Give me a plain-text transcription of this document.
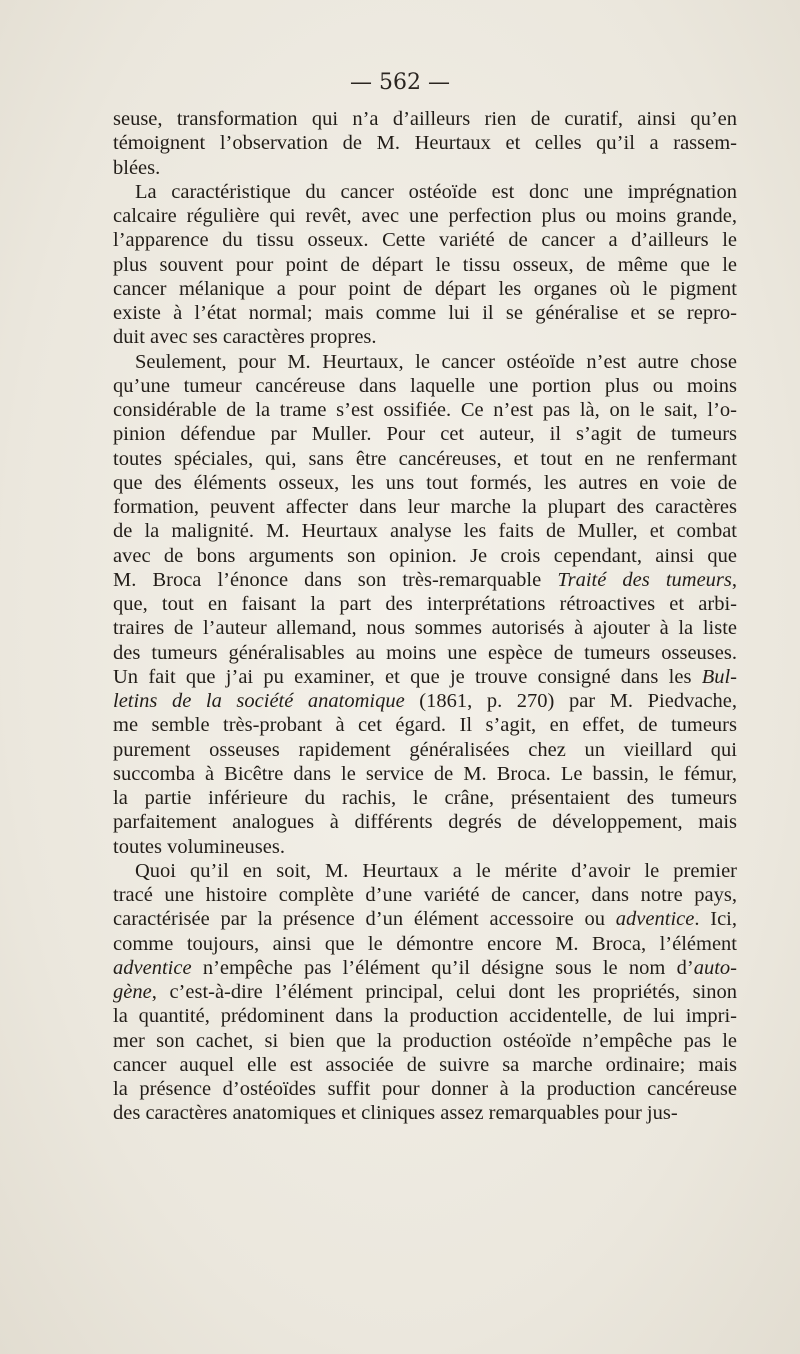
— 562 —
seuse, transformation qui n’a d’ailleurs rien de curatif, ainsi qu’en
témoignent l’observation de M. Heurtaux et celles qu’il a rassem-
blées.
La caractéristique du cancer ostéoïde est donc une imprégnation
calcaire régulière qui revêt, avec une perfection plus ou moins grande,
l’apparence du tissu osseux. Cette variété de cancer a d’ailleurs le
plus souvent pour point de départ le tissu osseux, de même que le
cancer mélanique a pour point de départ les organes où le pigment
existe à l’état normal; mais comme lui il se généralise et se repro-
duit avec ses caractères propres.
Seulement, pour M. Heurtaux, le cancer ostéoïde n’est autre chose
qu’une tumeur cancéreuse dans laquelle une portion plus ou moins
considérable de la trame s’est ossifiée. Ce n’est pas là, on le sait, l’o-
pinion défendue par Muller. Pour cet auteur, il s’agit de tumeurs
toutes spéciales, qui, sans être cancéreuses, et tout en ne renfermant
que des éléments osseux, les uns tout formés, les autres en voie de
formation, peuvent affecter dans leur marche la plupart des caractères
de la malignité. M. Heurtaux analyse les faits de Muller, et combat
avec de bons arguments son opinion. Je crois cependant, ainsi que
M. Broca l’énonce dans son très-remarquable Traité des tumeurs,
que, tout en faisant la part des interprétations rétroactives et arbi-
traires de l’auteur allemand, nous sommes autorisés à ajouter à la liste
des tumeurs généralisables au moins une espèce de tumeurs osseuses.
Un fait que j’ai pu examiner, et que je trouve consigné dans les Bul-
letins de la société anatomique (1861, p. 270) par M. Piedvache,
me semble très-probant à cet égard. Il s’agit, en effet, de tumeurs
purement osseuses rapidement généralisées chez un vieillard qui
succomba à Bicêtre dans le service de M. Broca. Le bassin, le fémur,
la partie inférieure du rachis, le crâne, présentaient des tumeurs
parfaitement analogues à différents degrés de développement, mais
toutes volumineuses.
Quoi qu’il en soit, M. Heurtaux a le mérite d’avoir le premier
tracé une histoire complète d’une variété de cancer, dans notre pays,
caractérisée par la présence d’un élément accessoire ou adventice. Ici,
comme toujours, ainsi que le démontre encore M. Broca, l’élément
adventice n’empêche pas l’élément qu’il désigne sous le nom d’auto-
gène, c’est-à-dire l’élément principal, celui dont les propriétés, sinon
la quantité, prédominent dans la production accidentelle, de lui impri-
mer son cachet, si bien que la production ostéoïde n’empêche pas le
cancer auquel elle est associée de suivre sa marche ordinaire; mais
la présence d’ostéoïdes suffit pour donner à la production cancéreuse
des caractères anatomiques et cliniques assez remarquables pour jus-
